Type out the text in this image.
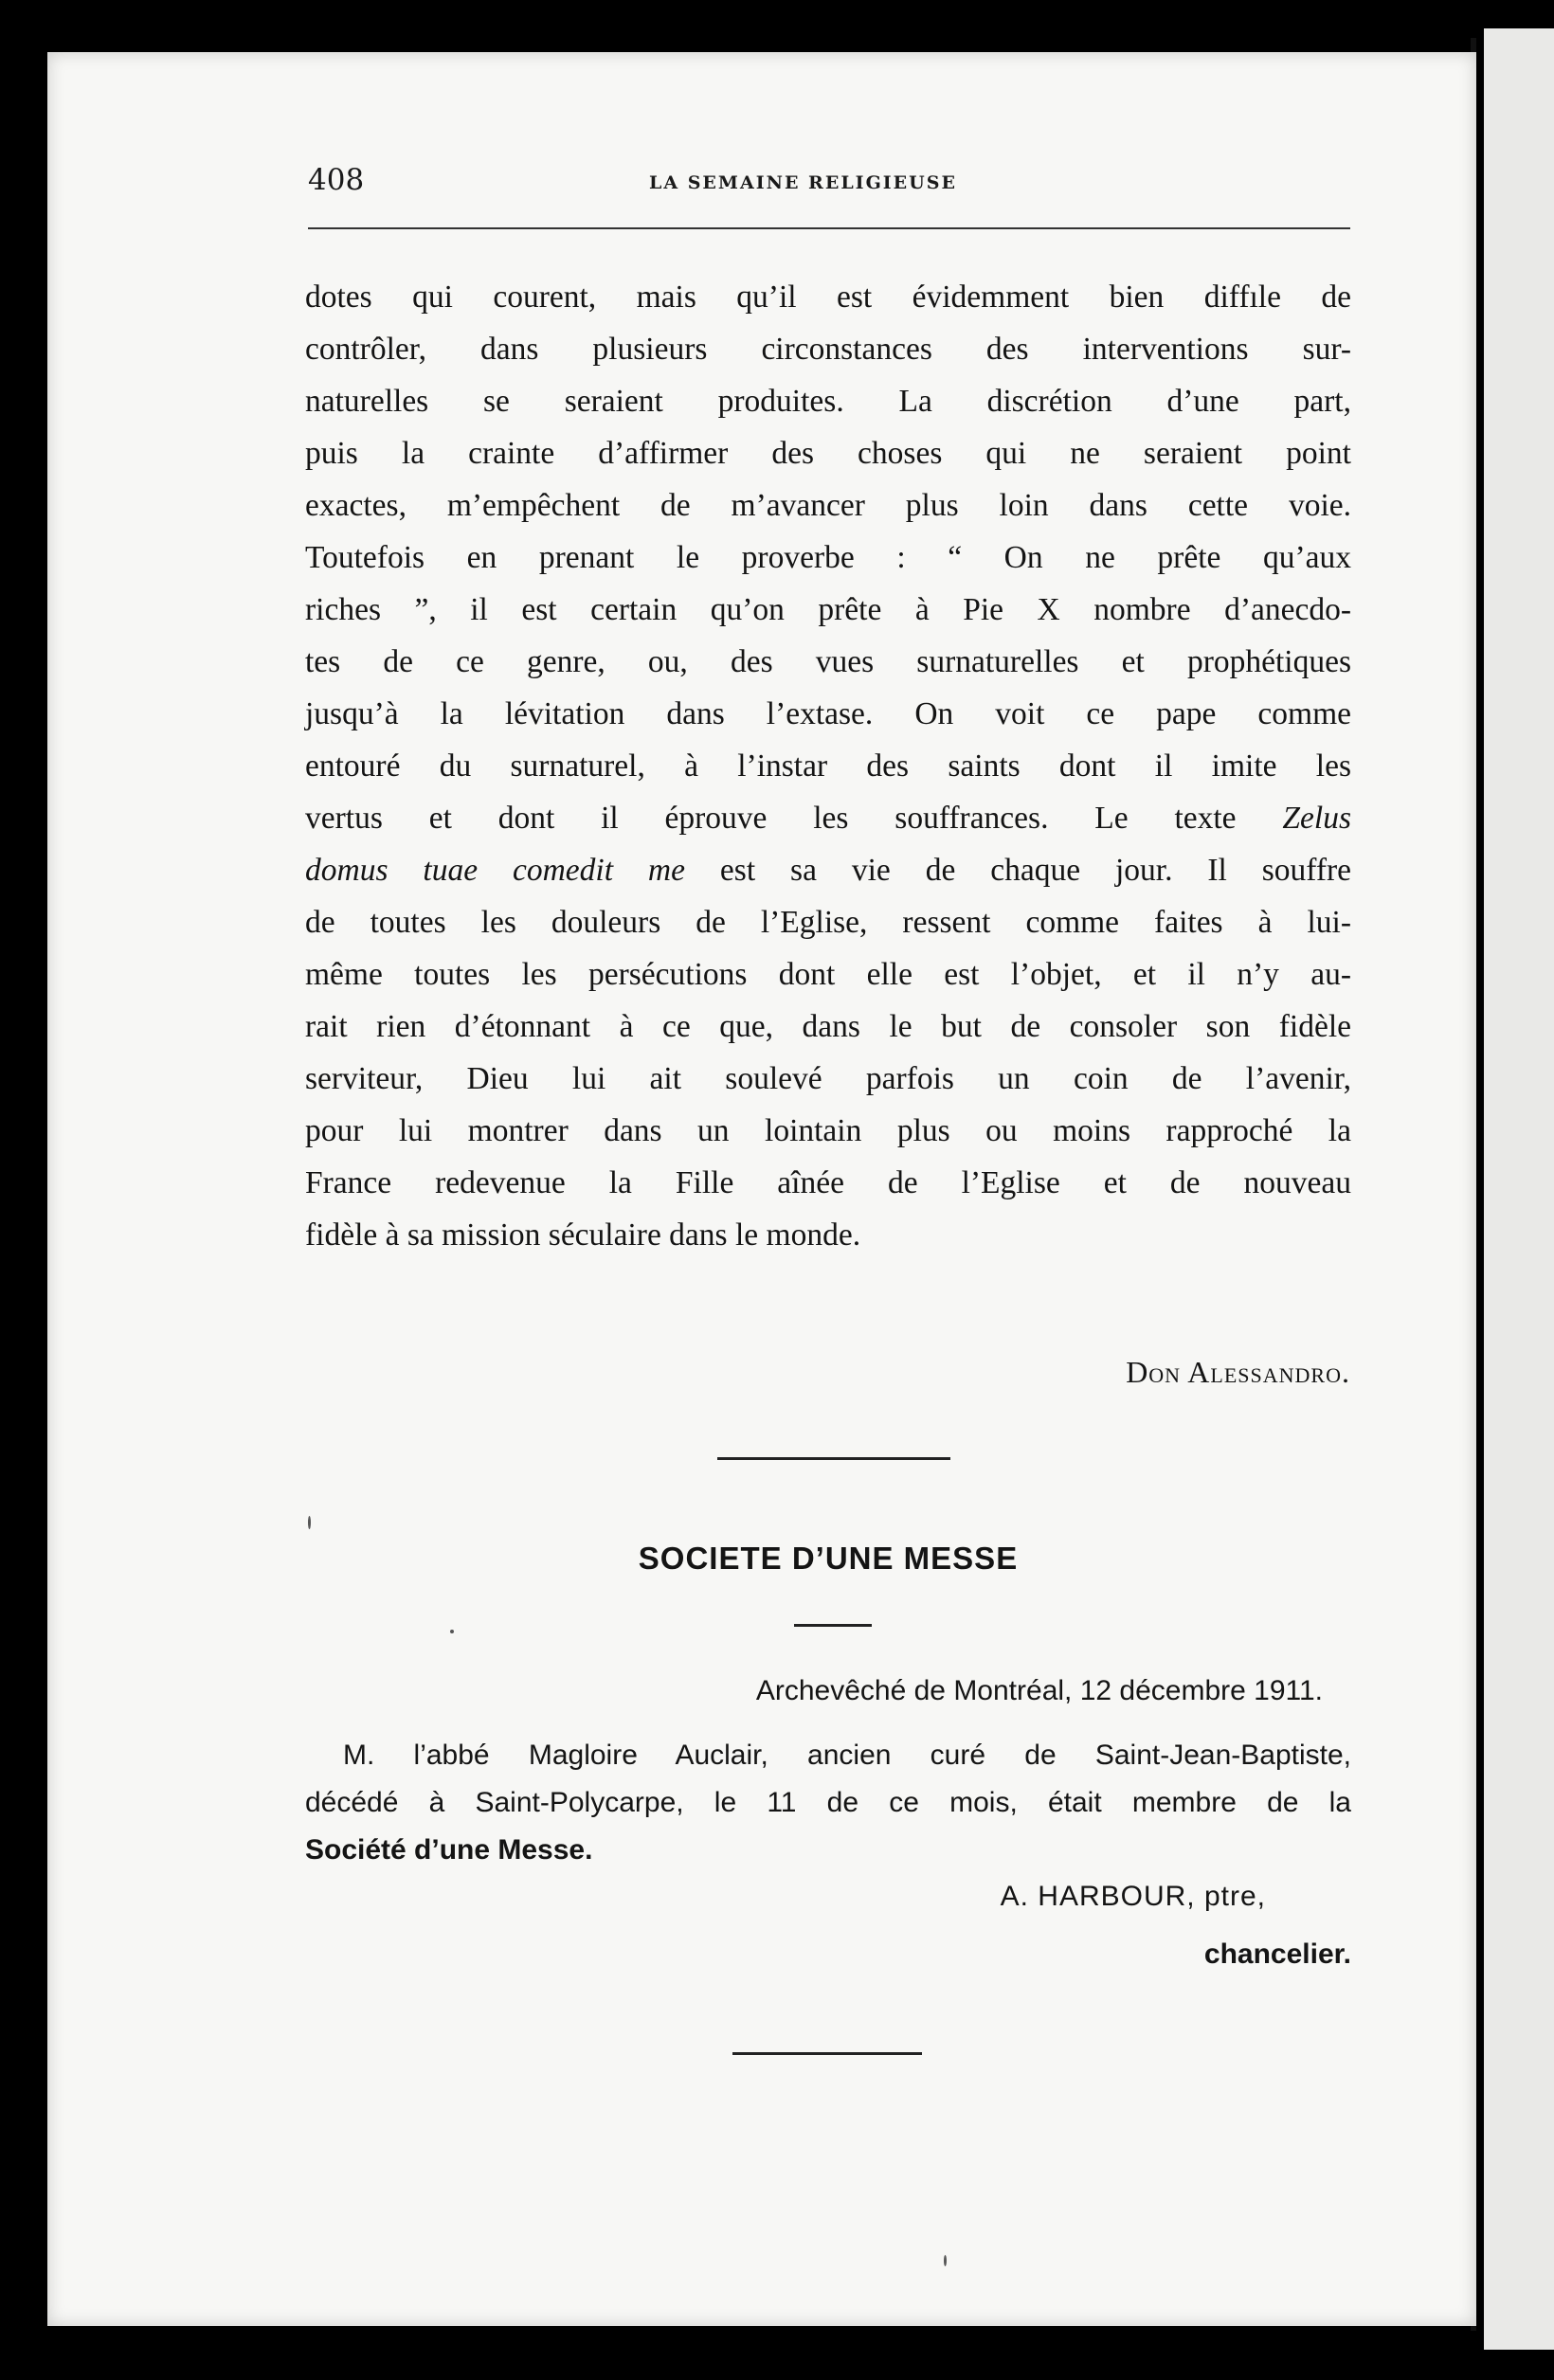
408	LA SEMAINE RELIGIEUSE
dotes qui courent, mais qu’il est évidemment bien diffıle de
contrôler, dans plusieurs circonstances des interventions sur-
naturelles se seraient produites. La discrétion d’une part,
puis la crainte d’affirmer des choses qui ne seraient point
exactes, m’empêchent de m’avancer plus loin dans cette voie.
Toutefois en prenant le proverbe : “ On ne prête qu’aux
riches ”, il est certain qu’on prête à Pie X nombre d’anecdo-
tes de ce genre, ou, des vues surnaturelles et prophétiques
jusqu’à la lévitation dans l’extase. On voit ce pape comme
entouré du surnaturel, à l’instar des saints dont il imite les
vertus et dont il éprouve les souffrances. Le texte Zelus
domus tuae comedit me est sa vie de chaque jour. Il souffre
de toutes les douleurs de l’Eglise, ressent comme faites à lui-
même toutes les persécutions dont elle est l’objet, et il n’y au-
rait rien d’étonnant à ce que, dans le but de consoler son fidèle
serviteur, Dieu lui ait soulevé parfois un coin de l’avenir,
pour lui montrer dans un lointain plus ou moins rapproché la
France redevenue la Fille aînée de l’Eglise et de nouveau
fidèle à sa mission séculaire dans le monde.
Don Alessandro.
SOCIETE D’UNE MESSE
Archevêché de Montréal, 12 décembre 1911.
M. l’abbé Magloire Auclair, ancien curé de Saint-Jean-Baptiste,
décédé à Saint-Polycarpe, le 11 de ce mois, était membre de la
Société d’une Messe.
A. HARBOUR, ptre,
chancelier.
